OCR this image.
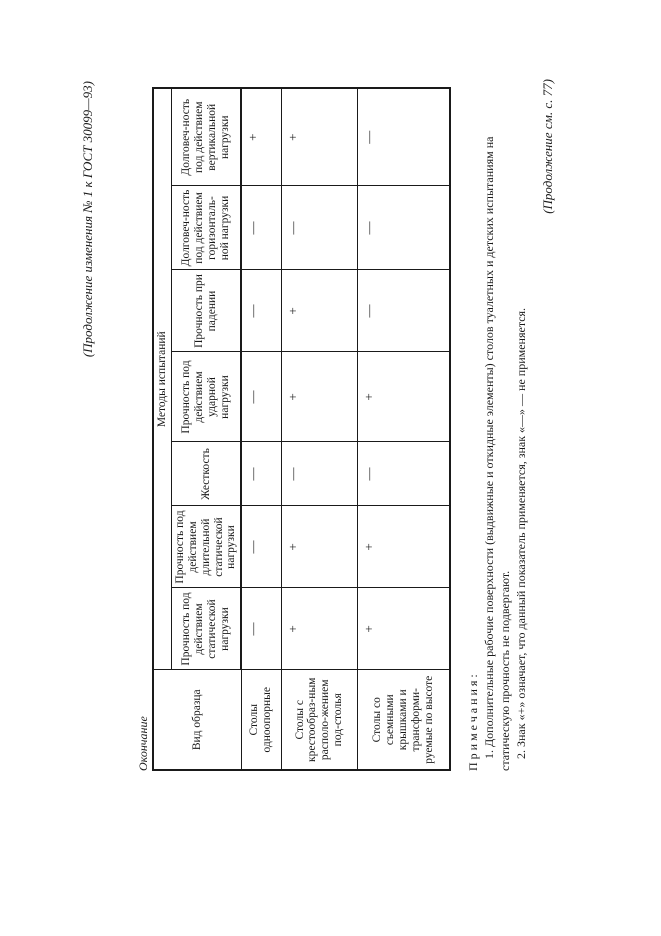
(Продолжение изменения № 1 к ГОСТ 30099—93)
Окончание	Вид образца	Методы испытаний						
	Прочность под действием статической нагрузки	Прочность под действием длительной статической нагрузки	Жесткость	Прочность под действием ударной нагрузки	Прочность при падении	Долговеч-ность под действием горизонталь-ной нагрузки	Долговеч-ность под действием вертикальной нагрузки
Столы одноопорные	—	—	—	—	—	—	+
Столы с крестообраз-ным располо-жением под-столья	+	+	—	+	+	—	+
Столы со съемными крышками и трансформи-руемые по высоте	+	+	—	+	—	—	—

Примечания: 1. Дополнительные рабочие поверхности (выдвижные и откидные элементы) столов туалетных и детских испытаниям на статическую прочность не подвергают. 2. Знак «+» означает, что данный показатель применяется, знак «—» — не применяется.

(Продолжение см. с. 77)
